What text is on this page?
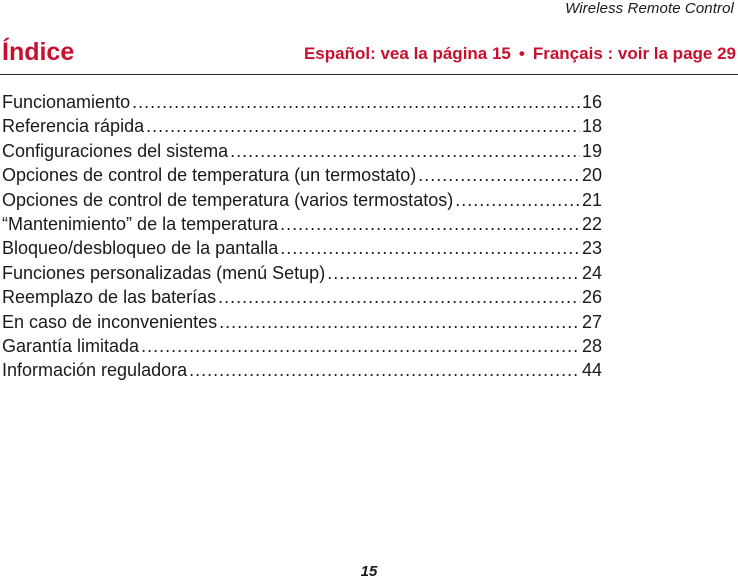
Wireless Remote Control
Índice	Español: vea la página 15 • Français : voir la page 29
Funcionamiento .....	16
Referencia rápida .....	18
Configuraciones del sistema .....	19
Opciones de control de temperatura (un termostato) .....	20
Opciones de control de temperatura (varios termostatos) .....	21
“Mantenimiento” de la temperatura .....	22
Bloqueo/desbloqueo de la pantalla .....	23
Funciones personalizadas (menú Setup) .....	24
Reemplazo de las baterías .....	26
En caso de inconvenientes .....	27
Garantía limitada .....	28
Información reguladora .....	44
15
